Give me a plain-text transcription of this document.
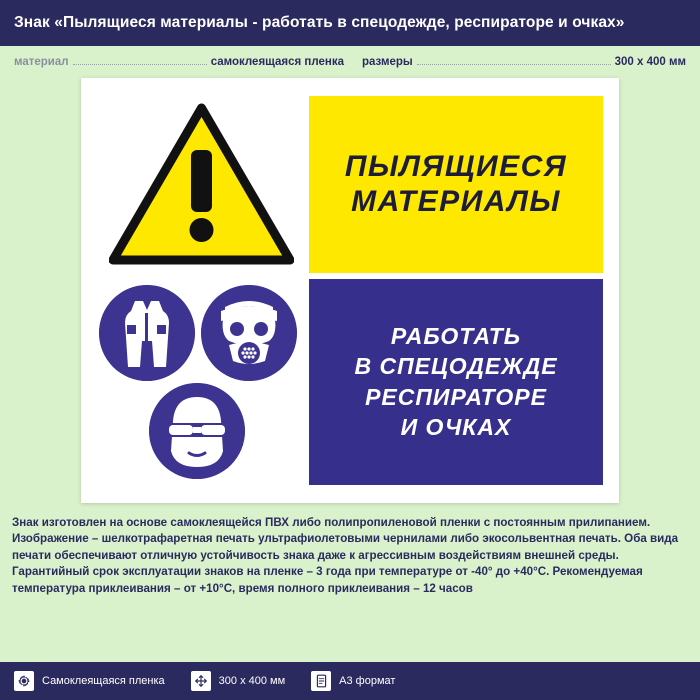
Знак «Пылящиеся материалы - работать в спецодежде, респираторе и очках»
материал	самоклеящаяся пленка размеры	300 х 400 мм
ПЫЛЯЩИЕСЯ
МАТЕРИАЛЫ
РАБОТАТЬ
В СПЕЦОДЕЖДЕ
РЕСПИРАТОРЕ
И ОЧКАХ
Знак изготовлен на основе самоклеящейся ПВХ либо полипропиленовой пленки с постоянным прилипанием. Изображение – шелкотрафаретная печать ультрафиолетовыми чернилами либо экосольвентная печать. Оба вида печати обеспечивают отличную устойчивость знака даже к агрессивным воздействиям внешней среды. Гарантийный срок эксплуатации знаков на пленке – 3 года при температуре от -40° до +40°С. Рекомендуемая температура приклеивания – от +10°С, время полного приклеивания – 12 часов
Самоклеящаяся пленка	300 х 400 мм	А3 формат
